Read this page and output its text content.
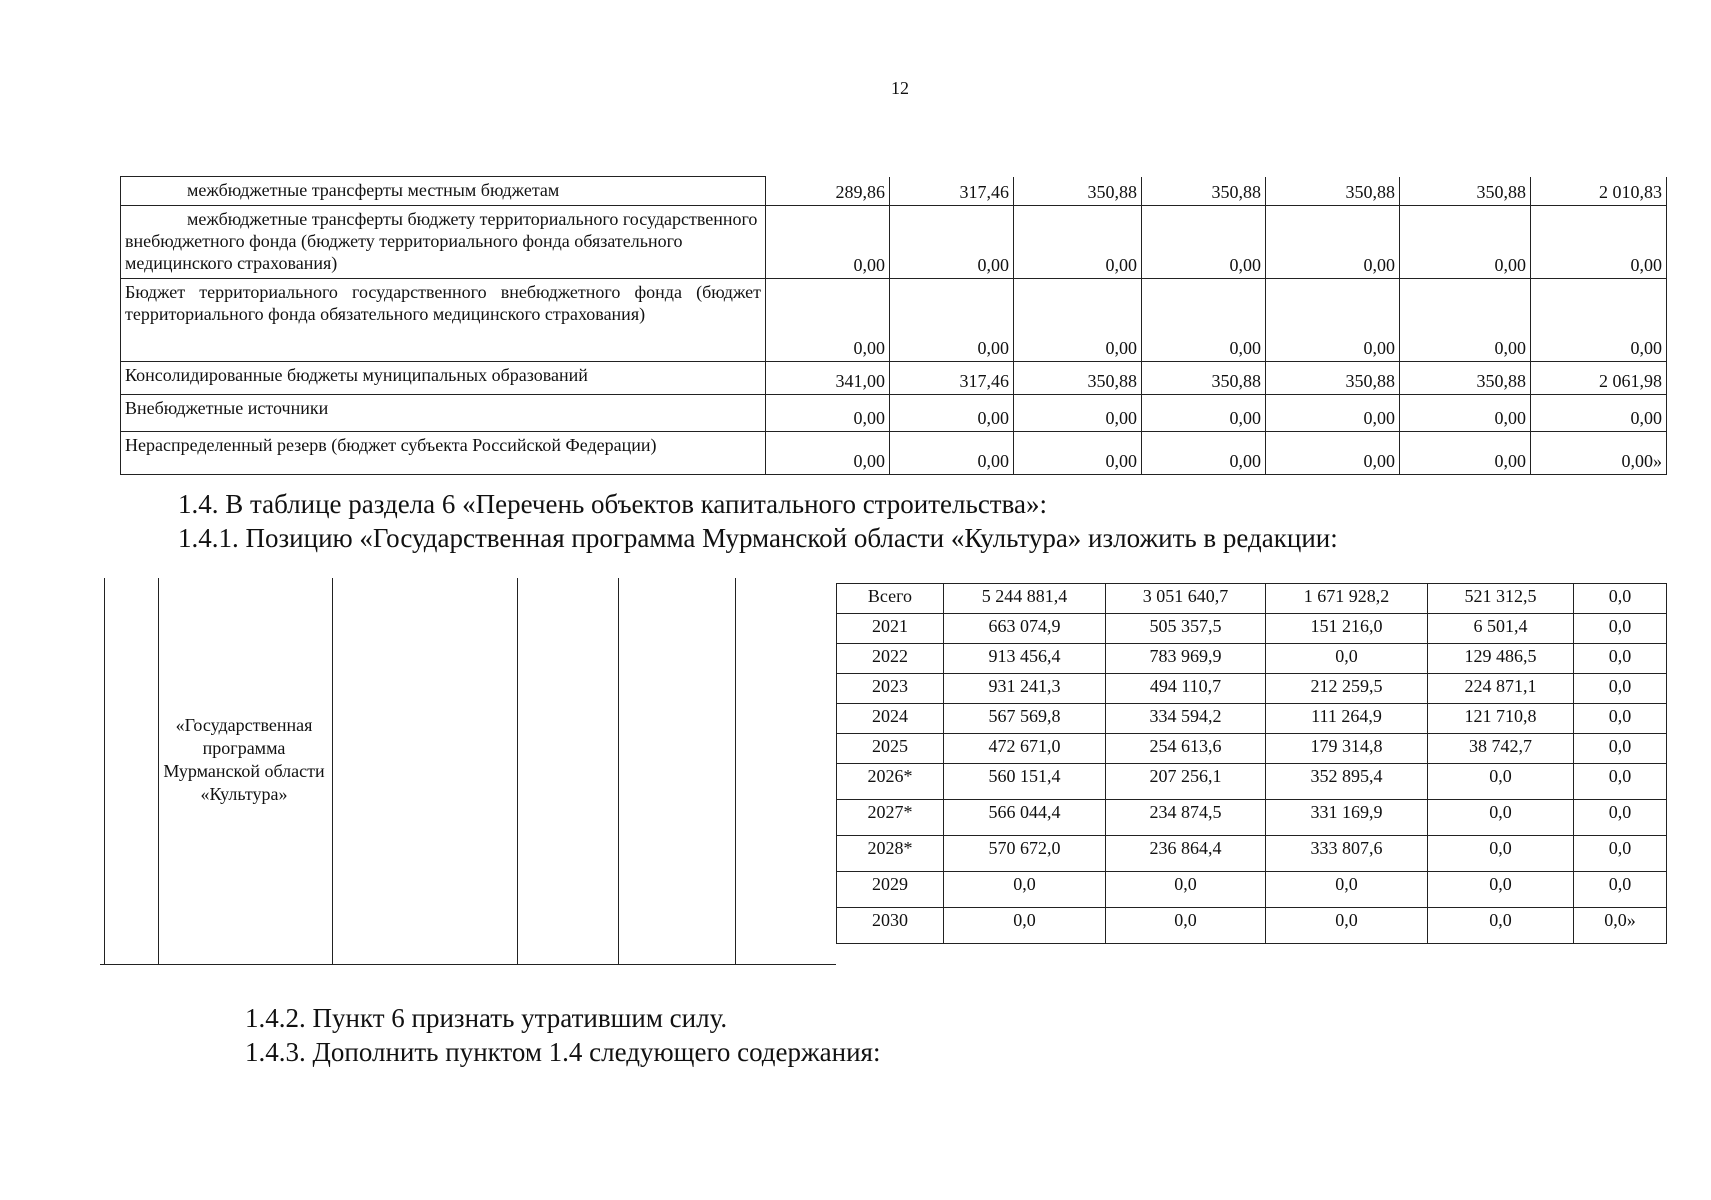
12
межбюджетные трансферты местным бюджетам	289,86	317,46	350,88	350,88	350,88	350,88	2 010,83
межбюджетные трансферты бюджету территориального государственного внебюджетного фонда (бюджету территориального фонда обязательного медицинского страхования)	0,00	0,00	0,00	0,00	0,00	0,00	0,00
Бюджет территориального государственного внебюджетного фонда (бюджет территориального фонда обязательного медицинского страхования)	0,00	0,00	0,00	0,00	0,00	0,00	0,00
Консолидированные бюджеты муниципальных образований	341,00	317,46	350,88	350,88	350,88	350,88	2 061,98
Внебюджетные источники	0,00	0,00	0,00	0,00	0,00	0,00	0,00
Нераспределенный резерв (бюджет субъекта Российской Федерации)	0,00	0,00	0,00	0,00	0,00	0,00	0,00»
1.4. В таблице раздела 6 «Перечень объектов капитального строительства»:
1.4.1. Позицию «Государственная программа Мурманской области «Культура» изложить в редакции:
«Государственная программа Мурманской области «Культура»
Всего	5 244 881,4	3 051 640,7	1 671 928,2	521 312,5	0,0
2021	663 074,9	505 357,5	151 216,0	6 501,4	0,0
2022	913 456,4	783 969,9	0,0	129 486,5	0,0
2023	931 241,3	494 110,7	212 259,5	224 871,1	0,0
2024	567 569,8	334 594,2	111 264,9	121 710,8	0,0
2025	472 671,0	254 613,6	179 314,8	38 742,7	0,0
2026*	560 151,4	207 256,1	352 895,4	0,0	0,0
2027*	566 044,4	234 874,5	331 169,9	0,0	0,0
2028*	570 672,0	236 864,4	333 807,6	0,0	0,0
2029	0,0	0,0	0,0	0,0	0,0
2030	0,0	0,0	0,0	0,0	0,0»
1.4.2. Пункт 6 признать утратившим силу.
1.4.3. Дополнить пунктом 1.4 следующего содержания:
